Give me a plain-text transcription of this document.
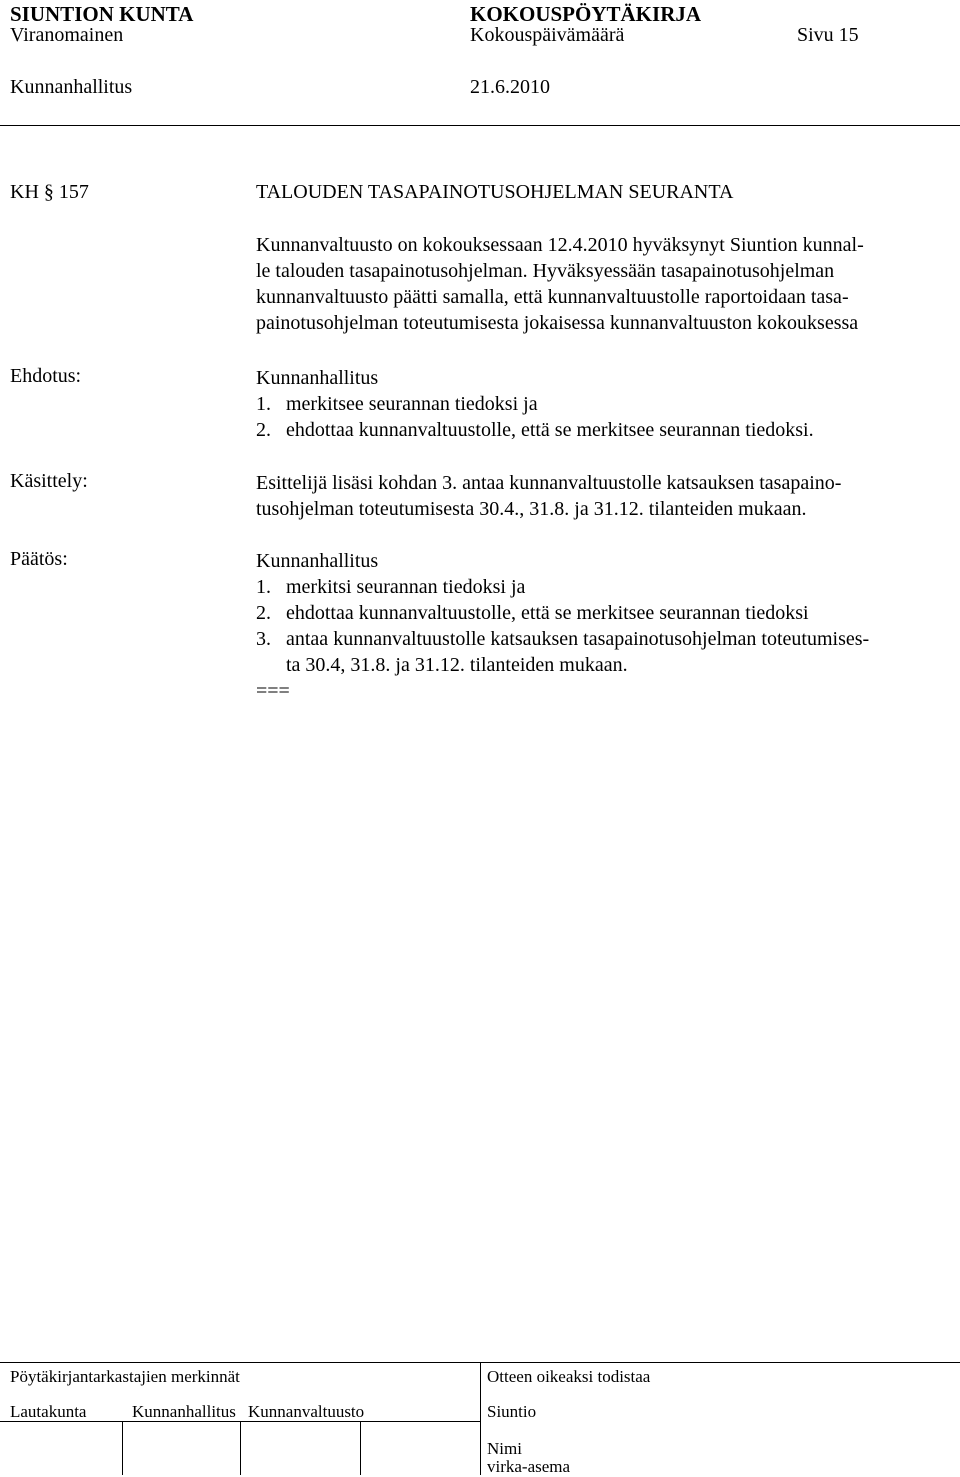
SIUNTION KUNTA	KOKOUSPÖYTÄKIRJA
Viranomainen	Kokouspäivämäärä	Sivu 15
Kunnanhallitus	21.6.2010
KH § 157	TALOUDEN TASAPAINOTUSOHJELMAN SEURANTA

Kunnanvaltuusto on kokouksessaan 12.4.2010 hyväksynyt Siuntion kunnal-

le talouden tasapainotusohjelman. Hyväksyessään tasapainotusohjelman

kunnanvaltuusto päätti samalla, että kunnanvaltuustolle raportoidaan tasa-

painotusohjelman toteutumisesta jokaisessa kunnanvaltuuston kokouksessa

Ehdotus:	Kunnanhallitus

1. merkitsee seurannan tiedoksi ja

2. ehdottaa kunnanvaltuustolle, että se merkitsee seurannan tiedoksi.

Käsittely:	Esittelijä lisäsi kohdan 3. antaa kunnanvaltuustolle katsauksen tasapaino-

tusohjelman toteutumisesta 30.4., 31.8. ja 31.12. tilanteiden mukaan.

Päätös:	Kunnanhallitus

1. merkitsi seurannan tiedoksi ja

2. ehdottaa kunnanvaltuustolle, että se merkitsee seurannan tiedoksi

3. antaa kunnanvaltuustolle katsauksen tasapainotusohjelman toteutumises-

ta 30.4, 31.8. ja 31.12. tilanteiden mukaan.

===

Pöytäkirjantarkastajien merkinnät	Otteen oikeaksi todistaa
Lautakunta	Kunnanhallitus Kunnanvaltuusto	Siuntio
Nimi
virka-asema
